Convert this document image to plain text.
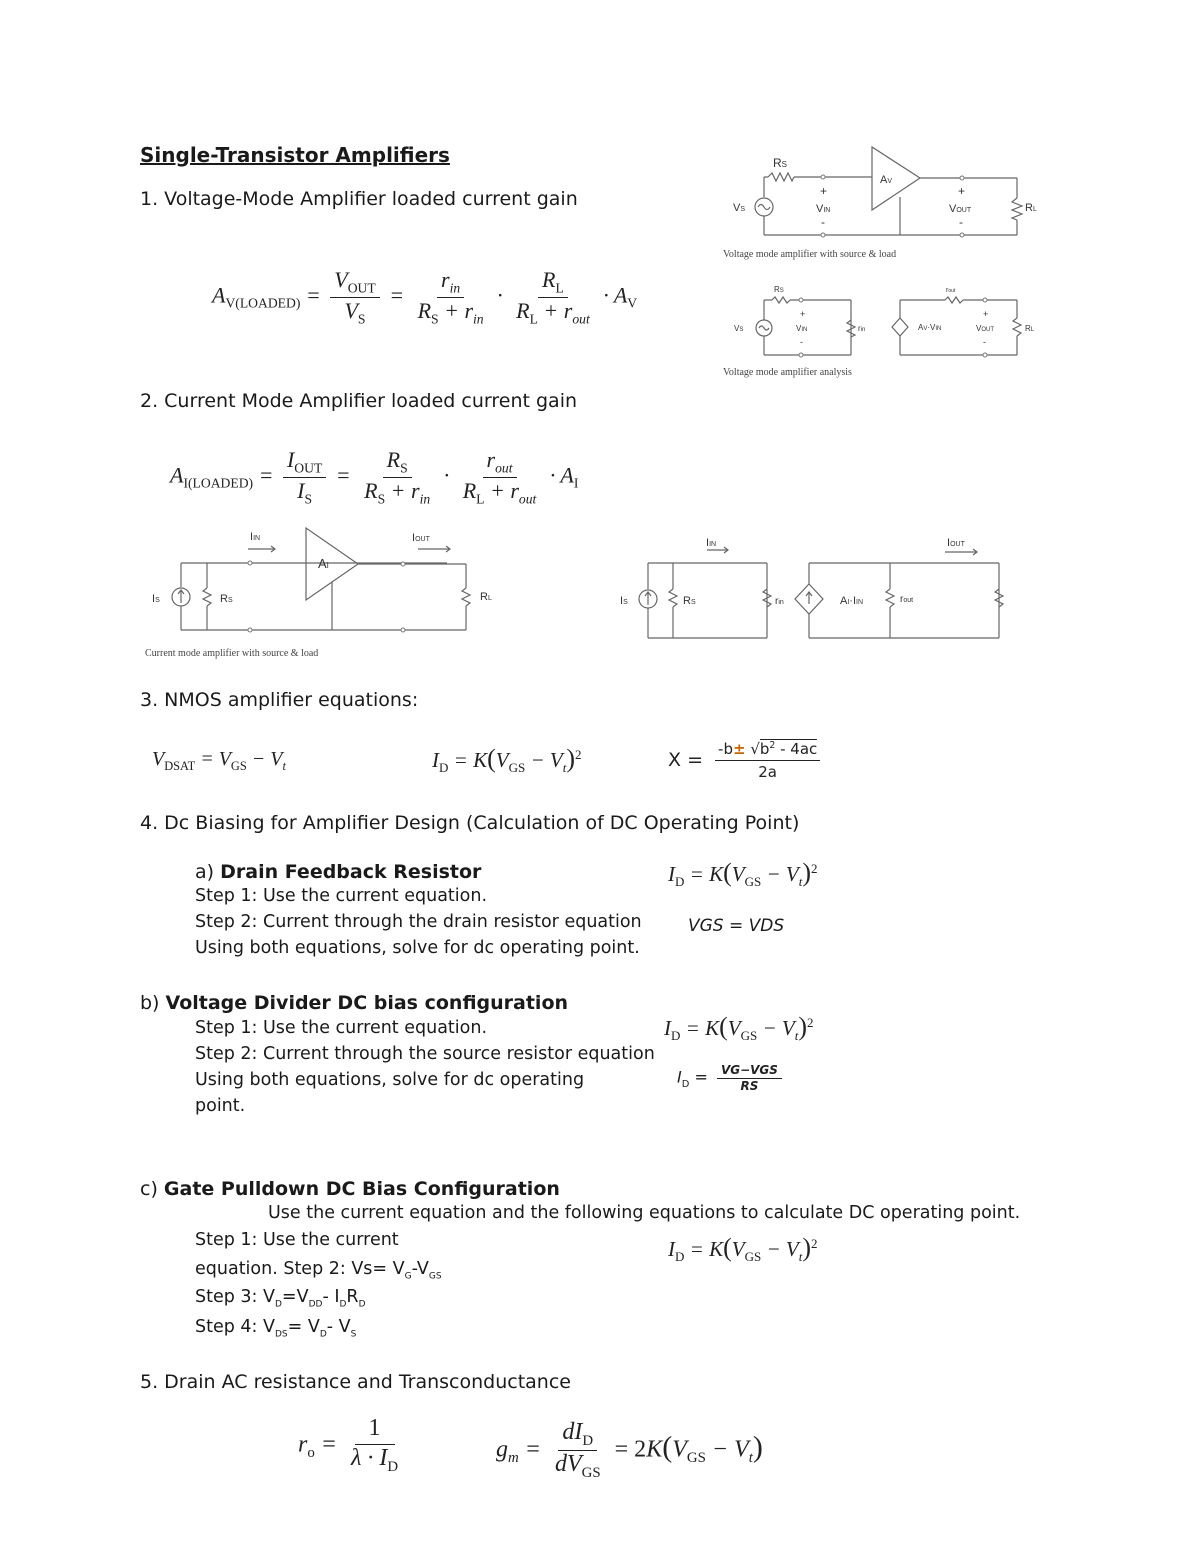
Single-Transistor Amplifiers
1. Voltage-Mode Amplifier loaded current gain
$A_{V(LOADED)} = \frac{V_{OUT}}{V_S} = \frac{r_{in}}{R_S + r_{in}} \cdot \frac{R_L}{R_L + r_{out}} \cdot A_V$
RS
AV
VS
+
VIN
-
+
VOUT
-
RL
RS
VS
+
VIN
-
rin
rout
AV·VIN
+
VOUT
-
RL
Voltage mode amplifier with source & load
Voltage mode amplifier analysis
2. Current Mode Amplifier loaded current gain
$A_{I(LOADED)} = \frac{I_{OUT}}{I_S} = \frac{R_S}{R_S + r_{in}} \cdot \frac{r_{out}}{R_L + r_{out}} \cdot A_I$
IIN	IOUT
AI
IS	RS	RL
Current mode amplifier with source & load
IIN	IOUT
IS	RS	rin	AI·IIN	rout
3. NMOS amplifier equations:
$V_{DSAT} = V_{GS} - V_t$	$I_D = K(V_{GS} - V_t)^2$	$X = \frac{-b\pm √b^2 - 4ac}{2a}$
4. Dc Biasing for Amplifier Design (Calculation of DC Operating Point)
a) Drain Feedback Resistor
Step 1: Use the current equation.
Step 2: Current through the drain resistor equation
Using both equations, solve for dc operating point.
$I_D = K(V_{GS} - V_t)^2$
VGS = VDS
b) Voltage Divider DC bias configuration
Step 1: Use the current equation.
Step 2: Current through the source resistor equation
Using both equations, solve for dc operating
point.
$I_D = K(V_{GS} - V_t)^2$
$I_D = \frac{\text{VG−VGS}}{RS}$
c) Gate Pulldown DC Bias Configuration
Use the current equation and the following equations to calculate DC operating point.
Step 1: Use the current
equation. Step 2: $Vs= V_G-V_{GS}$
Step 3: $V_D=V_{DD}-$ $I_DR_D$
Step 4: $V_{DS}= V_D-$ $V_S$
$I_D = K(V_{GS} - V_t)^2$
5. Drain AC resistance and Transconductance
$r_o = \frac{1}{\lambda \cdot I_D}$	$g_m = \frac{dI_D}{dV_{GS}} = 2K(V_{GS} - V_t)$
